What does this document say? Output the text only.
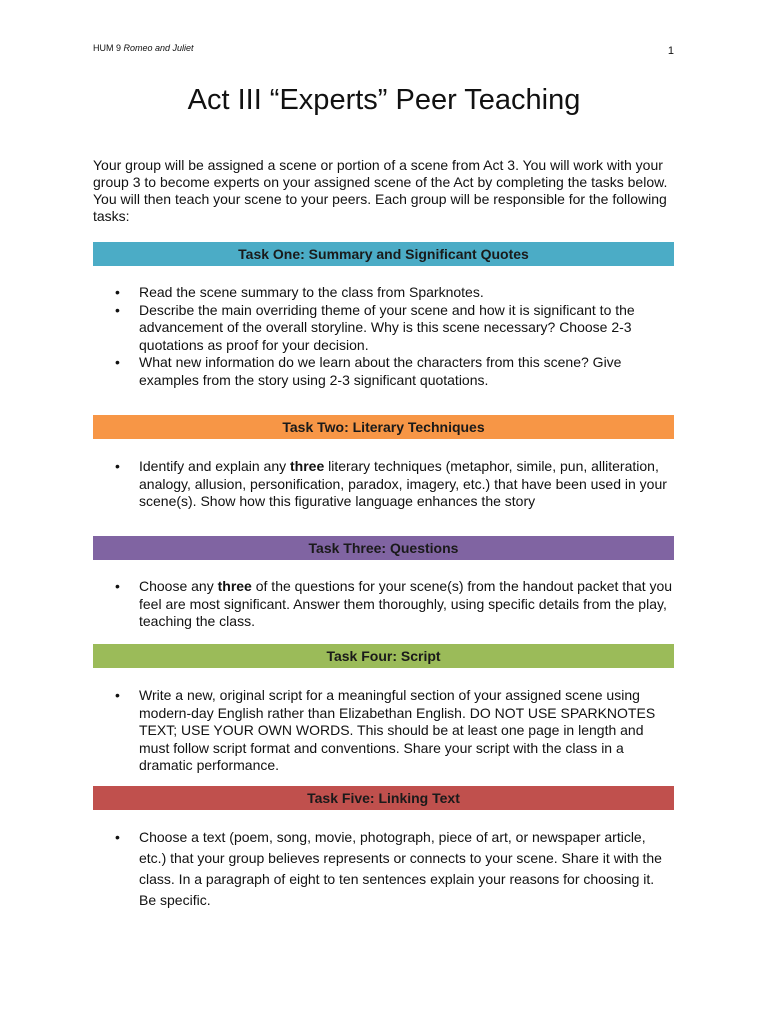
HUM 9 Romeo and Juliet	1
Act III “Experts” Peer Teaching

Your group will be assigned a scene or portion of a scene from Act 3. You will work with your group 3 to become experts on your assigned scene of the Act by completing the tasks below. You will then teach your scene to your peers. Each group will be responsible for the following tasks:

Task One: Summary and Significant Quotes
• Read the scene summary to the class from Sparknotes.
• Describe the main overriding theme of your scene and how it is significant to the advancement of the overall storyline. Why is this scene necessary? Choose 2-3 quotations as proof for your decision.
• What new information do we learn about the characters from this scene? Give examples from the story using 2-3 significant quotations.
Task Two: Literary Techniques
• Identify and explain any three literary techniques (metaphor, simile, pun, alliteration, analogy, allusion, personification, paradox, imagery, etc.) that have been used in your scene(s). Show how this figurative language enhances the story
Task Three: Questions
• Choose any three of the questions for your scene(s) from the handout packet that you feel are most significant. Answer them thoroughly, using specific details from the play, teaching the class.
Task Four: Script
• Write a new, original script for a meaningful section of your assigned scene using modern-day English rather than Elizabethan English. DO NOT USE SPARKNOTES TEXT; USE YOUR OWN WORDS. This should be at least one page in length and must follow script format and conventions. Share your script with the class in a dramatic performance.
Task Five: Linking Text
• Choose a text (poem, song, movie, photograph, piece of art, or newspaper article, etc.) that your group believes represents or connects to your scene. Share it with the class. In a paragraph of eight to ten sentences explain your reasons for choosing it. Be specific.
